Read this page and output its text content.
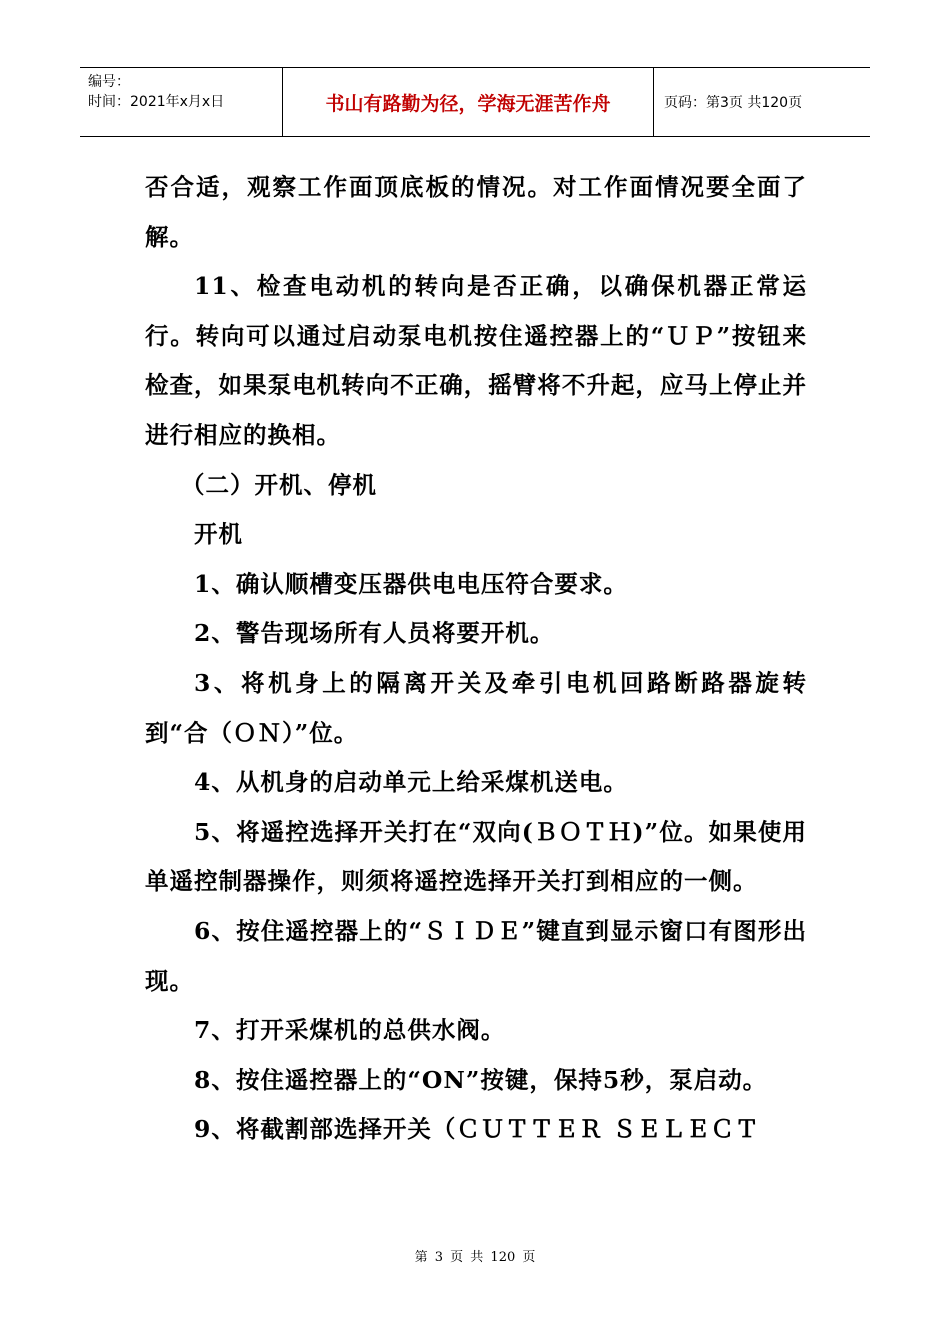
编号：
时间：2021年x月x日	书山有路勤为径，学海无涯苦作舟	页码：第3页 共120页

否合适，观察工作面顶底板的情况。对工作面情况要全面了解。

11、检查电动机的转向是否正确，以确保机器正常运行。转向可以通过启动泵电机按住遥控器上的“ＵＰ”按钮来检查，如果泵电机转向不正确，摇臂将不升起，应马上停止并进行相应的换相。

（二）开机、停机

开机

1、确认顺槽变压器供电电压符合要求。

2、警告现场所有人员将要开机。

3、将机身上的隔离开关及牵引电机回路断路器旋转到“合（ＯＮ）”位。

4、从机身的启动单元上给采煤机送电。

5、将遥控选择开关打在“双向(ＢＯＴＨ)”位。如果使用单遥控制器操作，则须将遥控选择开关打到相应的一侧。

6、按住遥控器上的“ＳＩＤＥ”键直到显示窗口有图形出现。

7、打开采煤机的总供水阀。

8、按住遥控器上的“ON”按键，保持5秒，泵启动。

9、将截割部选择开关（ＣＵＴＴＥＲ ＳＥＬＥＣＴ

第 3 页 共 120 页
